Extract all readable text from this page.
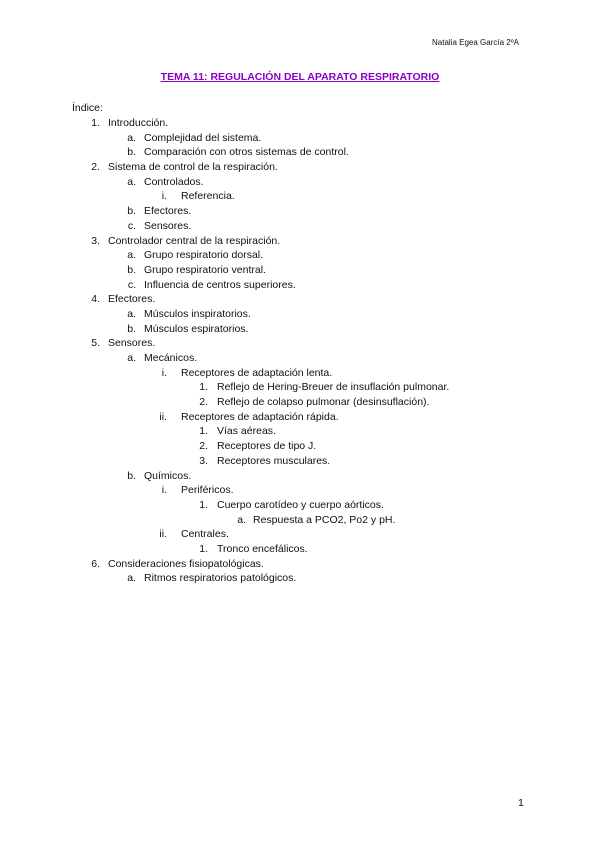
Natalia Egea García 2ºA
TEMA 11: REGULACIÓN DEL APARATO RESPIRATORIO
Índice:
1. Introducción.
a. Complejidad del sistema.
b. Comparación con otros sistemas de control.
2. Sistema de control de la respiración.
a. Controlados.
i. Referencia.
b. Efectores.
c. Sensores.
3. Controlador central de la respiración.
a. Grupo respiratorio dorsal.
b. Grupo respiratorio ventral.
c. Influencia de centros superiores.
4. Efectores.
a. Músculos inspiratorios.
b. Músculos espiratorios.
5. Sensores.
a. Mecánicos.
i. Receptores de adaptación lenta.
1. Reflejo de Hering-Breuer de insuflación pulmonar.
2. Reflejo de colapso pulmonar (desinsuflación).
ii. Receptores de adaptación rápida.
1. Vías aéreas.
2. Receptores de tipo J.
3. Receptores musculares.
b. Químicos.
i. Periféricos.
1. Cuerpo carotídeo y cuerpo aórticos.
a. Respuesta a PCO2, Po2 y pH.
ii. Centrales.
1. Tronco encefálicos.
6. Consideraciones fisiopatológicas.
a. Ritmos respiratorios patológicos.
1
